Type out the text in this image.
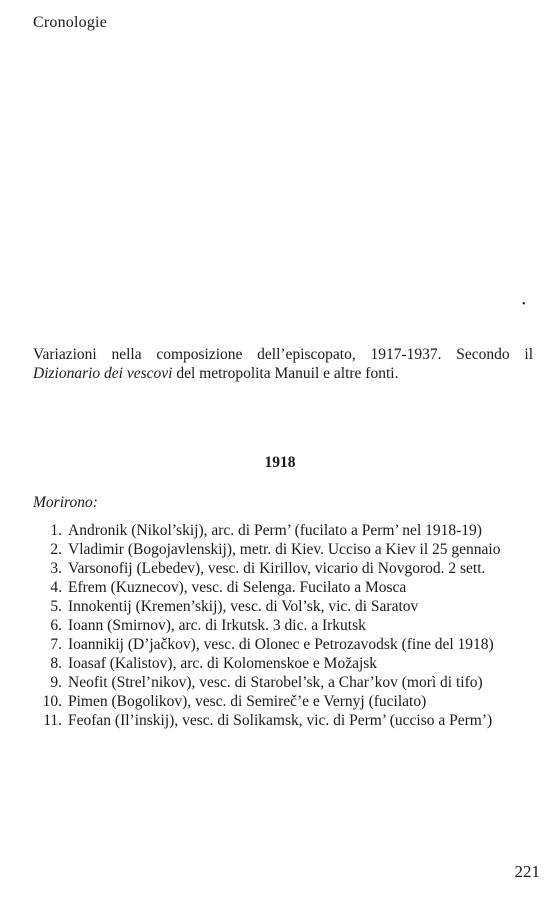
Cronologie
•
Variazioni nella composizione dell’episcopato, 1917-1937. Secondo il Dizionario dei vescovi del metropolita Manuil e altre fonti.
1918
Morirono:
1. Andronik (Nikol’skij), arc. di Perm’ (fucilato a Perm’ nel 1918-19)
2. Vladimir (Bogojavlenskij), metr. di Kiev. Ucciso a Kiev il 25 gennaio
3. Varsonofij (Lebedev), vesc. di Kirillov, vicario di Novgorod. 2 sett.
4. Efrem (Kuznecov), vesc. di Selenga. Fucilato a Mosca
5. Innokentij (Kremen’skij), vesc. di Vol’sk, vic. di Saratov
6. Ioann (Smirnov), arc. di Irkutsk. 3 dic. a Irkutsk
7. Ioannikij (D’jačkov), vesc. di Olonec e Petrozavodsk (fine del 1918)
8. Ioasaf (Kalistov), arc. di Kolomenskoe e Možajsk
9. Neofit (Strel’nikov), vesc. di Starobel’sk, a Char’kov (morì di tifo)
10. Pimen (Bogolikov), vesc. di Semireč’e e Vernyj (fucilato)
11. Feofan (Il’inskij), vesc. di Solikamsk, vic. di Perm’ (ucciso a Perm’)
221
